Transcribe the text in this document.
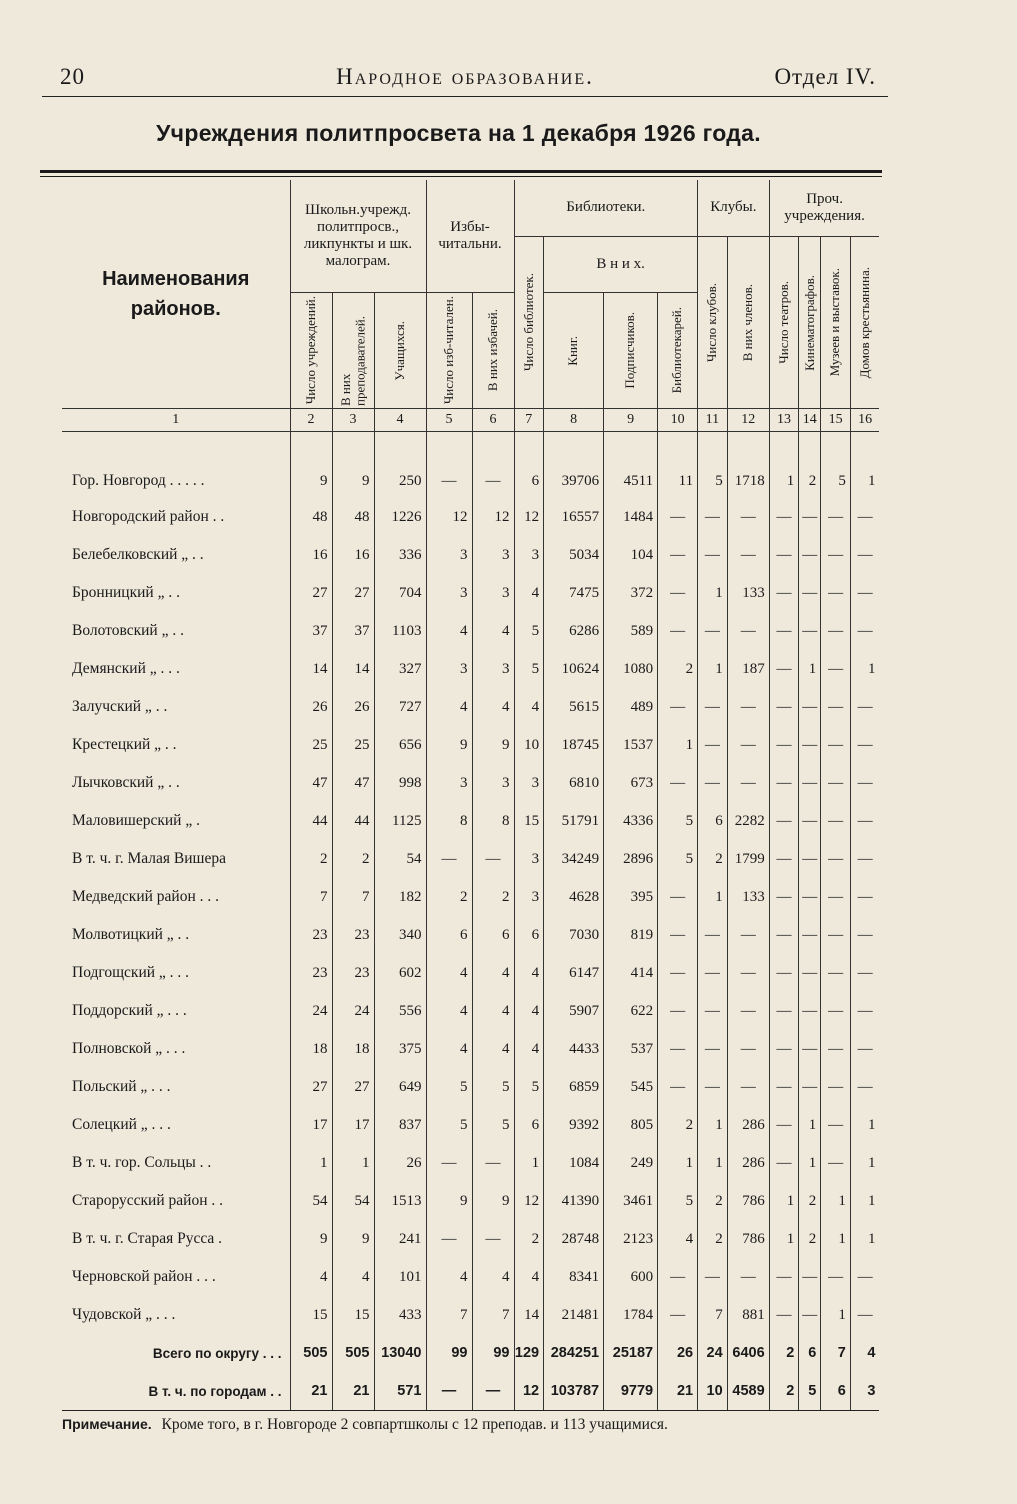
20	Народное образование.	Отдел IV.
Учреждения политпросвета на 1 декабря 1926 года.
Наименования районов.	Школьн.учрежд. политпросв., ликпункты и шк. малограм.			Избы-читальни.		Библиотеки.				Клубы.		Проч. учреждения.			

						Число библиотек.	В н и х.			Число клубов.	В них членов.	Число театров.	Кинематографов.	Музеев и выставок.	Домов крестьянина.

	Число учреждений.	В них преподавателей.	Учащихся.	Число изб-читален.	В них избачей.		Книг.	Подписчиков.	Библиотекарей.						

1	2	3	4	5	6	7	8	9	10	11	12	13	14	15	16
Гор. Новгород . . . . .	9	9	250	—	—	6	39706	4511	11	5	1718	1	2	5	1
Новгородский район . .	48	48	1226	12	12	12	16557	1484	—	—	—	—	—	—	—
Белебелковский „ . .	16	16	336	3	3	3	5034	104	—	—	—	—	—	—	—
Бронницкий „ . .	27	27	704	3	3	4	7475	372	—	1	133	—	—	—	—
Волотовский „ . .	37	37	1103	4	4	5	6286	589	—	—	—	—	—	—	—
Демянский „ . . .	14	14	327	3	3	5	10624	1080	2	1	187	—	1	—	1
Залучский „ . .	26	26	727	4	4	4	5615	489	—	—	—	—	—	—	—
Крестецкий „ . .	25	25	656	9	9	10	18745	1537	1	—	—	—	—	—	—
Лычковский „ . .	47	47	998	3	3	3	6810	673	—	—	—	—	—	—	—
Маловишерский „ .	44	44	1125	8	8	15	51791	4336	5	6	2282	—	—	—	—
В т. ч. г. Малая Вишера	2	2	54	—	—	3	34249	2896	5	2	1799	—	—	—	—
Медведский район . . .	7	7	182	2	2	3	4628	395	—	1	133	—	—	—	—
Молвотицкий „ . .	23	23	340	6	6	6	7030	819	—	—	—	—	—	—	—
Подгощский „ . . .	23	23	602	4	4	4	6147	414	—	—	—	—	—	—	—
Поддорский „ . . .	24	24	556	4	4	4	5907	622	—	—	—	—	—	—	—
Полновской „ . . .	18	18	375	4	4	4	4433	537	—	—	—	—	—	—	—
Польский „ . . .	27	27	649	5	5	5	6859	545	—	—	—	—	—	—	—
Солецкий „ . . .	17	17	837	5	5	6	9392	805	2	1	286	—	1	—	1
В т. ч. гор. Сольцы . .	1	1	26	—	—	1	1084	249	1	1	286	—	1	—	1
Старорусский район . .	54	54	1513	9	9	12	41390	3461	5	2	786	1	2	1	1
В т. ч. г. Старая Русса .	9	9	241	—	—	2	28748	2123	4	2	786	1	2	1	1
Черновской район . . .	4	4	101	4	4	4	8341	600	—	—	—	—	—	—	—
Чудовской „ . . .	15	15	433	7	7	14	21481	1784	—	7	881	—	—	1	—
Всего по округу . . .	505	505	13040	99	99	129	284251	25187	26	24	6406	2	6	7	4
В т. ч. по городам . .	21	21	571	—	—	12	103787	9779	21	10	4589	2	5	6	3
Примечание. Кроме того, в г. Новгороде 2 совпартшколы с 12 преподав. и 113 учащимися.
